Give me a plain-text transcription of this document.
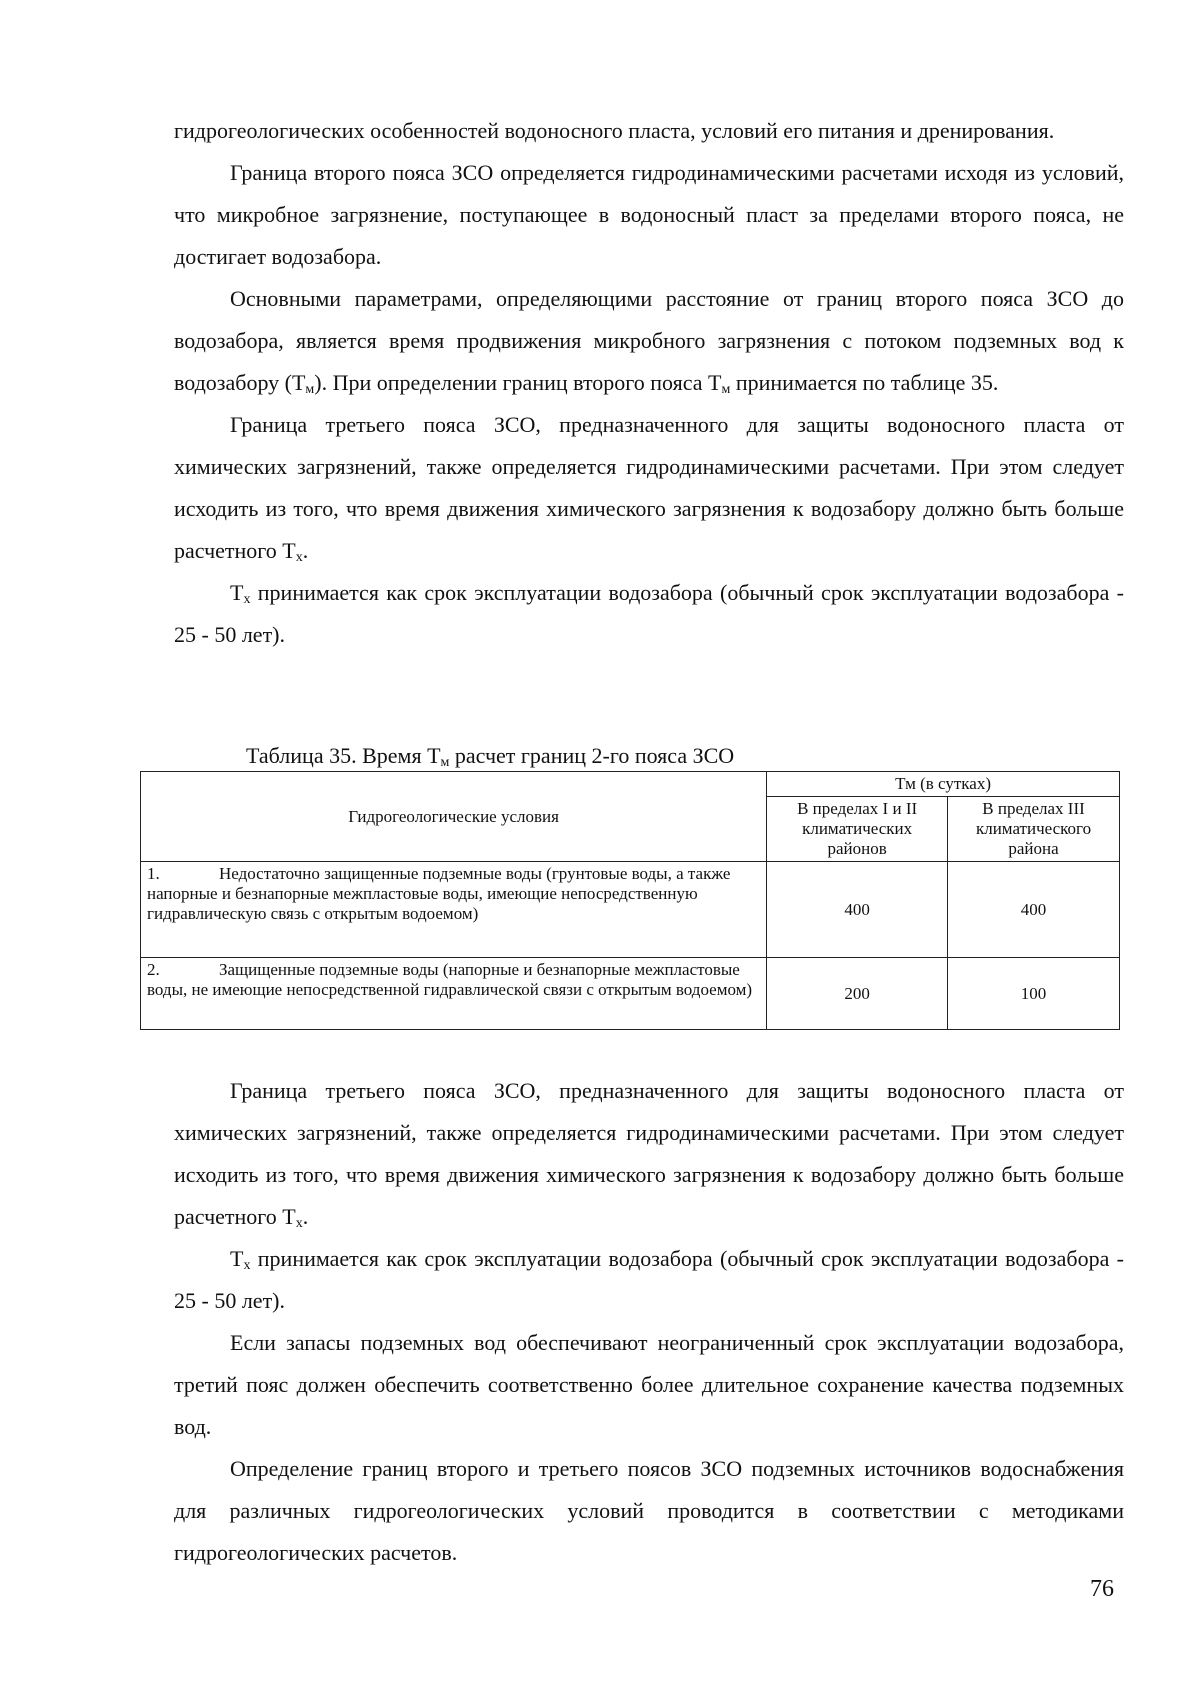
гидрогеологических особенностей водоносного пласта, условий его питания и дренирования.

Граница второго пояса ЗСО определяется гидродинамическими расчетами исходя из условий, что микробное загрязнение, поступающее в водоносный пласт за пределами второго пояса, не достигает водозабора.

Основными параметрами, определяющими расстояние от границ второго пояса ЗСО до водозабора, является время продвижения микробного загрязнения с потоком подземных вод к водозабору $(Т_м)$. При определении границ второго пояса $Т_м$ принимается по таблице 35.

Граница третьего пояса ЗСО, предназначенного для защиты водоносного пласта от химических загрязнений, также определяется гидродинамическими расчетами. При этом следует исходить из того, что время движения химического загрязнения к водозабору должно быть больше расчетного $Т_х$.

$Т_х$ принимается как срок эксплуатации водозабора (обычный срок эксплуатации водозабора - 25 - 50 лет).

Таблица 35. Время $Т_м$ расчет границ 2-го пояса ЗСО
Гидрогеологические условия	Тм (в сутках)	
	В пределах I и II климатических районов	В пределах III климатического района
1. Недостаточно защищенные подземные воды (грунтовые воды, а также напорные и безнапорные межпластовые воды, имеющие непосредственную гидравлическую связь с открытым водоемом)	400	400
2. Защищенные подземные воды (напорные и безнапорные межпластовые воды, не имеющие непосредственной гидравлической связи с открытым водоемом)	200	100

Граница третьего пояса ЗСО, предназначенного для защиты водоносного пласта от химических загрязнений, также определяется гидродинамическими расчетами. При этом следует исходить из того, что время движения химического загрязнения к водозабору должно быть больше расчетного $Т_х$.

$Т_х$ принимается как срок эксплуатации водозабора (обычный срок эксплуатации водозабора - 25 - 50 лет).

Если запасы подземных вод обеспечивают неограниченный срок эксплуатации водозабора, третий пояс должен обеспечить соответственно более длительное сохранение качества подземных вод.

Определение границ второго и третьего поясов ЗСО подземных источников водоснабжения для различных гидрогеологических условий проводится в соответствии с методиками гидрогеологических расчетов.

76
